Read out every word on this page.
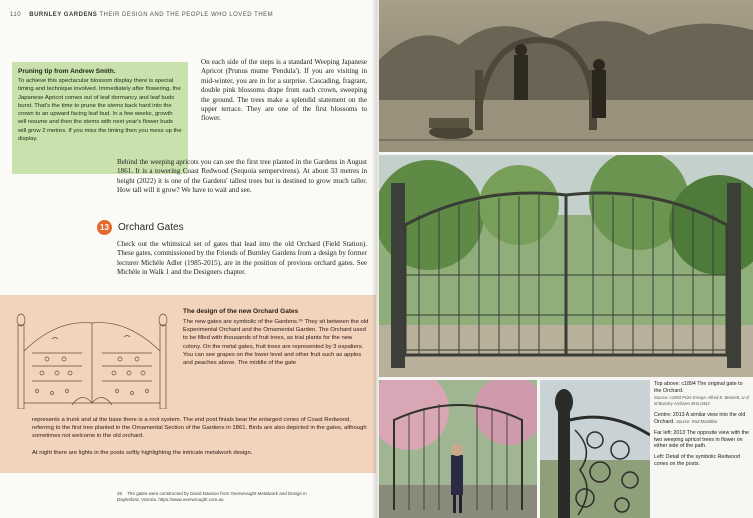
110 BURNLEY GARDENS THEIR DESIGN AND THE PEOPLE WHO LOVED THEM
Pruning tip from Andrew Smith.

To achieve this spectacular blossom display there is special timing and technique involved. Immediately after flowering, the Japanese Apricot comes out of leaf dormancy and leaf buds burst. That's the time to prune the stems back hard into the crown to an upward facing leaf bud. In a few weeks, growth will resume and then the stems with next year's flower buds will grow 2 metres. If you miss the timing then you mess up the display.

On each side of the steps is a standard Weeping Japanese Apricot (Prunus mume 'Pendula'). If you are visiting in mid-winter, you are in for a surprise. Cascading, fragrant, double pink blossoms drape from each crown, sweeping the ground. The trees make a splendid statement on the upper terrace. They are one of the first blossoms to flower.

Behind the weeping apricots you can see the first tree planted in the Gardens in August 1861. It is a towering Coast Redwood (Sequoia sempervirens). At about 33 metres in height (2022) it is one of the Gardens' tallest trees but is destined to grow much taller. How tall will it grow? We have to wait and see.

13 Orchard Gates

Check out the whimsical set of gates that lead into the old Orchard (Field Station). These gates, commissioned by the Friends of Burnley Gardens from a design by former lecturer Michèle Adler (1985-2015), are in the position of previous orchard gates. See Michèle in Walk 1 and the Designers chapter.

The design of the new Orchard Gates

The new gates are symbolic of the Gardens.²⁶ They sit between the old Experimental Orchard and the Ornamental Garden. The Orchard used to be filled with thousands of fruit trees, as trial plants for the new colony. On the metal gates, fruit trees are represented by 3 espaliers. You can see grapes on the lower level and other fruit such as apples and peaches above. The middle of the gate

represents a trunk and at the base there is a root system. The end post finials bear the enlarged cones of Coast Redwood, referring to the first tree planted in the Ornamental Section of the Gardens in 1861. Birds are also depicted in the gates, although sometimes not welcome in the old orchard.

At night there are lights in the posts softly highlighting the intricate metalwork design.

26 The gates were constructed by David Dawson from Overwrought Metalwork and Design in Daylesford, Victoria. https://www.overwrought.com.au

Top above: c1894 The original gate to the Orchard.
Source: c1894 Prize Essays Alfred E. Bennett, U of M Burnley Archives BH1.0442

Centre: 2013 A similar view into the old Orchard. Source: Rod McMillan

Far left: 2013 The opposite view with the two weeping apricot trees in flower on either side of the path.

Left: Detail of the symbolic Redwood cones on the posts.
